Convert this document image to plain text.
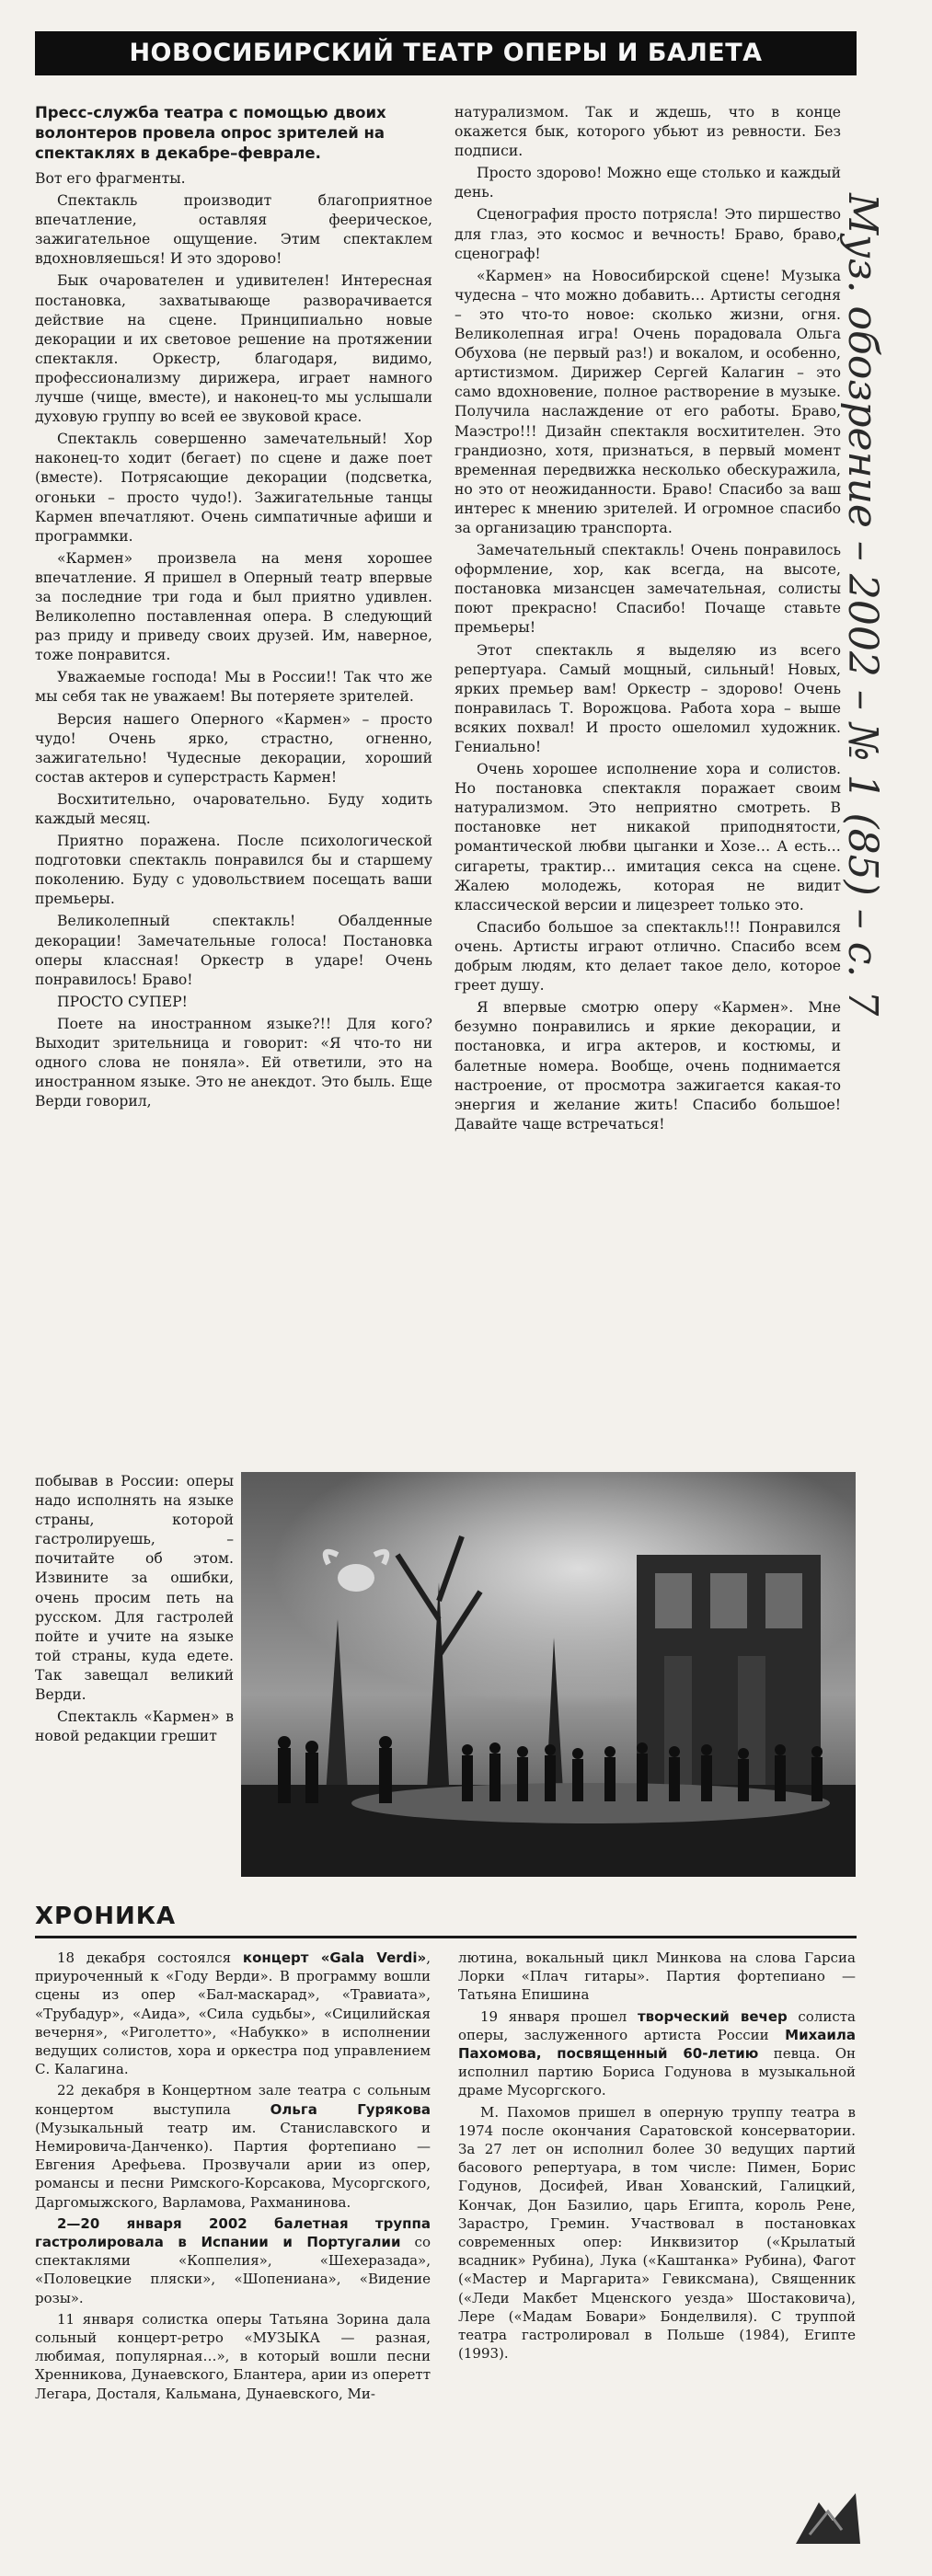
НОВОСИБИРСКИЙ ТЕАТР ОПЕРЫ И БАЛЕТА

Пресс-служба театра с помощью двоих волонтеров провела опрос зрителей на спектаклях в декабре–феврале.

Вот его фрагменты.

Спектакль производит благоприятное впечатление, оставляя феерическое, зажигательное ощущение. Этим спектаклем вдохновляешься! И это здорово!

Бык очарователен и удивителен! Интересная постановка, захватывающе разворачивается действие на сцене. Принципиально новые декорации и их световое решение на протяжении спектакля. Оркестр, благодаря, видимо, профессионализму дирижера, играет намного лучше (чище, вместе), и наконец-то мы услышали духовую группу во всей ее звуковой красе.

Спектакль совершенно замечательный! Хор наконец-то ходит (бегает) по сцене и даже поет (вместе). Потрясающие декорации (подсветка, огоньки – просто чудо!). Зажигательные танцы Кармен впечатляют. Очень симпатичные афиши и программки.

«Кармен» произвела на меня хорошее впечатление. Я пришел в Оперный театр впервые за последние три года и был приятно удивлен. Великолепно поставленная опера. В следующий раз приду и приведу своих друзей. Им, наверное, тоже понравится.

Уважаемые господа! Мы в России!! Так что же мы себя так не уважаем! Вы потеряете зрителей.

Версия нашего Оперного «Кармен» – просто чудо! Очень ярко, страстно, огненно, зажигательно! Чудесные декорации, хороший состав актеров и суперстрасть Кармен!

Восхитительно, очаровательно. Буду ходить каждый месяц.

Приятно поражена. После психологической подготовки спектакль понравился бы и старшему поколению. Буду с удовольствием посещать ваши премьеры.

Великолепный спектакль! Обалденные декорации! Замечательные голоса! Постановка оперы классная! Оркестр в ударе! Очень понравилось! Браво!

ПРОСТО СУПЕР!

Поете на иностранном языке?!! Для кого? Выходит зрительница и говорит: «Я что-то ни одного слова не поняла». Ей ответили, это на иностранном языке. Это не анекдот. Это быль. Еще Верди говорил,

побывав в России: оперы надо исполнять на языке страны, которой гастролируешь, – почитайте об этом. Извините за ошибки, очень просим петь на русском. Для гастролей пойте и учите на языке той страны, куда едете. Так завещал великий Верди.

Спектакль «Кармен» в новой редакции грешит

натурализмом. Так и ждешь, что в конце окажется бык, которого убьют из ревности. Без подписи.

Просто здорово! Можно еще столько и каждый день.

Сценография просто потрясла! Это пиршество для глаз, это космос и вечность! Браво, браво, сценограф!

«Кармен» на Новосибирской сцене! Музыка чудесна – что можно добавить… Артисты сегодня – это что-то новое: сколько жизни, огня. Великолепная игра! Очень порадовала Ольга Обухова (не первый раз!) и вокалом, и особенно, артистизмом. Дирижер Сергей Калагин – это само вдохновение, полное растворение в музыке. Получила наслаждение от его работы. Браво, Маэстро!!! Дизайн спектакля восхитителен. Это грандиозно, хотя, признаться, в первый момент временная передвижка несколько обескуражила, но это от неожиданности. Браво! Спасибо за ваш интерес к мнению зрителей. И огромное спасибо за организацию транспорта.

Замечательный спектакль! Очень понравилось оформление, хор, как всегда, на высоте, постановка мизансцен замечательная, солисты поют прекрасно! Спасибо! Почаще ставьте премьеры!

Этот спектакль я выделяю из всего репертуара. Самый мощный, сильный! Новых, ярких премьер вам! Оркестр – здорово! Очень понравилась Т. Ворожцова. Работа хора – выше всяких похвал! И просто ошеломил художник. Гениально!

Очень хорошее исполнение хора и солистов. Но постановка спектакля поражает своим натурализмом. Это неприятно смотреть. В постановке нет никакой приподнятости, романтической любви цыганки и Хозе… А есть… сигареты, трактир… имитация секса на сцене. Жалею молодежь, которая не видит классической версии и лицезреет только это.

Спасибо большое за спектакль!!! Понравился очень. Артисты играют отлично. Спасибо всем добрым людям, кто делает такое дело, которое греет душу.

Я впервые смотрю оперу «Кармен». Мне безумно понравились и яркие декорации, и постановка, и игра актеров, и костюмы, и балетные номера. Вообще, очень поднимается настроение, от просмотра зажигается какая-то энергия и желание жить! Спасибо большое! Давайте чаще встречаться!

Муз. обозрение – 2002 – № 1 (85) – с. 7
ХРОНИКА

18 декабря состоялся концерт «Gala Verdi», приуроченный к «Году Верди». В программу вошли сцены из опер «Бал-маскарад», «Травиата», «Трубадур», «Аида», «Сила судьбы», «Сицилийская вечерня», «Риголетто», «Набукко» в исполнении ведущих солистов, хора и оркестра под управлением С. Калагина.

22 декабря в Концертном зале театра с сольным концертом выступила Ольга Гурякова (Музыкальный театр им. Станиславского и Немировича-Данченко). Партия фортепиано — Евгения Арефьева. Прозвучали арии из опер, романсы и песни Римского-Корсакова, Мусоргского, Даргомыжского, Варламова, Рахманинова.

2—20 января 2002 балетная труппа гастролировала в Испании и Португалии со спектаклями «Коппелия», «Шехеразада», «Половецкие пляски», «Шопениана», «Видение розы».

11 января солистка оперы Татьяна Зорина дала сольный концерт-ретро «МУЗЫКА — разная, любимая, популярная…», в который вошли песни Хренникова, Дунаевского, Блантера, арии из оперетт Легара, Досталя, Кальмана, Дунаевского, Ми-

лютина, вокальный цикл Минкова на слова Гарсиа Лорки «Плач гитары». Партия фортепиано — Татьяна Епишина

19 января прошел творческий вечер солиста оперы, заслуженного артиста России Михаила Пахомова, посвященный 60-летию певца. Он исполнил партию Бориса Годунова в музыкальной драме Мусоргского.

М. Пахомов пришел в оперную труппу театра в 1974 после окончания Саратовской консерватории. За 27 лет он исполнил более 30 ведущих партий басового репертуара, в том числе: Пимен, Борис Годунов, Досифей, Иван Хованский, Галицкий, Кончак, Дон Базилио, царь Египта, король Рене, Зарастро, Гремин. Участвовал в постановках современных опер: Инквизитор («Крылатый всадник» Рубина), Лука («Каштанка» Рубина), Фагот («Мастер и Маргарита» Гевиксмана), Священник («Леди Макбет Мценского уезда» Шостаковича), Лере («Мадам Бовари» Бонделвиля). С труппой театра гастролировал в Польше (1984), Египте (1993).
